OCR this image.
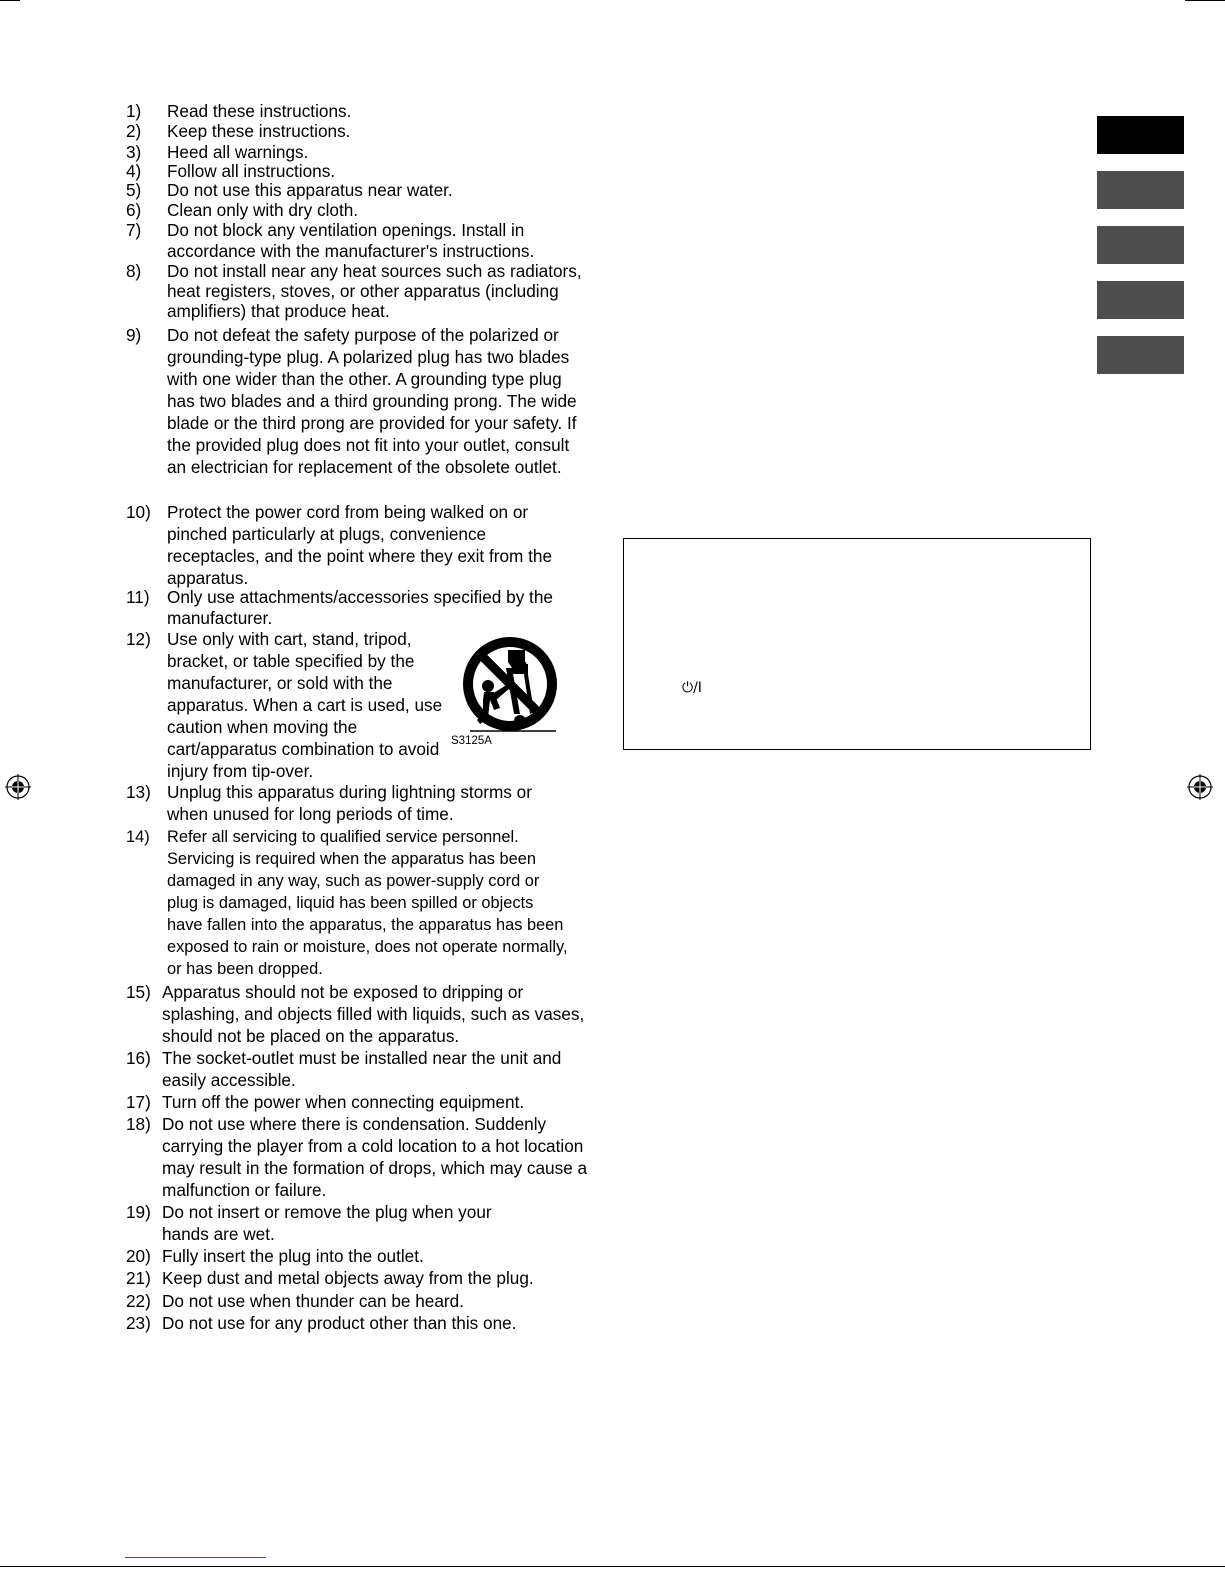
1) Read these instructions.
2) Keep these instructions.
3) Heed all warnings.
4) Follow all instructions.
5) Do not use this apparatus near water.
6) Clean only with dry cloth.
7) Do not block any ventilation openings. Install in accordance with the manufacturer's instructions.
8) Do not install near any heat sources such as radiators, heat registers, stoves, or other apparatus (including amplifiers) that produce heat.
9) Do not defeat the safety purpose of the polarized or grounding-type plug. A polarized plug has two blades with one wider than the other. A grounding type plug has two blades and a third grounding prong. The wide blade or the third prong are provided for your safety. If the provided plug does not fit into your outlet, consult an electrician for replacement of the obsolete outlet.
10) Protect the power cord from being walked on or pinched particularly at plugs, convenience receptacles, and the point where they exit from the apparatus.
11) Only use attachments/accessories specified by the manufacturer.
12) Use only with cart, stand, tripod, bracket, or table specified by the manufacturer, or sold with the apparatus. When a cart is used, use caution when moving the cart/apparatus combination to avoid injury from tip-over.
13) Unplug this apparatus during lightning storms or when unused for long periods of time.
14) Refer all servicing to qualified service personnel. Servicing is required when the apparatus has been damaged in any way, such as power-supply cord or plug is damaged, liquid has been spilled or objects have fallen into the apparatus, the apparatus has been exposed to rain or moisture, does not operate normally, or has been dropped.
15) Apparatus should not be exposed to dripping or splashing, and objects filled with liquids, such as vases, should not be placed on the apparatus.
16) The socket-outlet must be installed near the unit and easily accessible.
17) Turn off the power when connecting equipment.
18) Do not use where there is condensation. Suddenly carrying the player from a cold location to a hot location may result in the formation of drops, which may cause a malfunction or failure.
19) Do not insert or remove the plug when your hands are wet.
20) Fully insert the plug into the outlet.
21) Keep dust and metal objects away from the plug.
22) Do not use when thunder can be heard.
23) Do not use for any product other than this one.
S3125A
⏻/I
